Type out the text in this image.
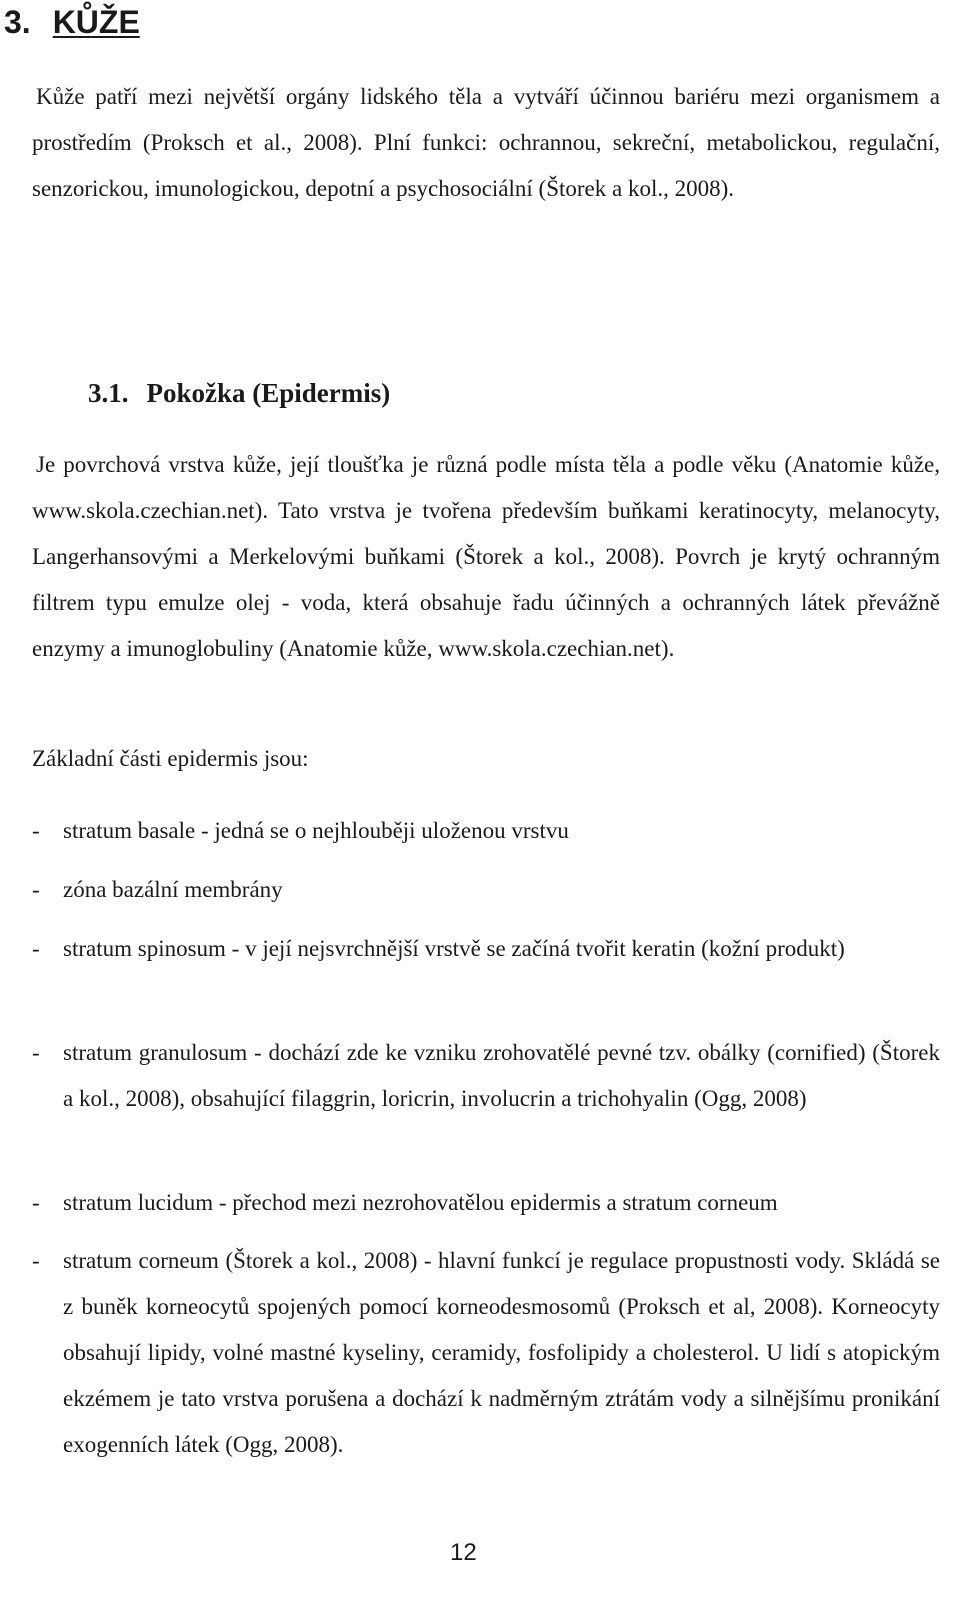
3. KŮŽE

Kůže patří mezi největší orgány lidského těla a vytváří účinnou bariéru mezi organismem a prostředím (Proksch et al., 2008). Plní funkci: ochrannou, sekreční, metabolickou, regulační, senzorickou, imunologickou, depotní a psychosociální (Štorek a kol., 2008).

3.1. Pokožka (Epidermis)

Je povrchová vrstva kůže, její tloušťka je různá podle místa těla a podle věku (Anatomie kůže, www.skola.czechian.net). Tato vrstva je tvořena především buňkami keratinocyty, melanocyty, Langerhansovými a Merkelovými buňkami (Štorek a kol., 2008). Povrch je krytý ochranným filtrem typu emulze olej - voda, která obsahuje řadu účinných a ochranných látek převážně enzymy a imunoglobuliny (Anatomie kůže, www.skola.czechian.net).

Základní části epidermis jsou:

- stratum basale - jedná se o nejhlouběji uloženou vrstvu

- zóna bazální membrány

- stratum spinosum - v její nejsvrchnější vrstvě se začíná tvořit keratin (kožní produkt)

- stratum granulosum - dochází zde ke vzniku zrohovatělé pevné tzv. obálky (cornified) (Štorek a kol., 2008), obsahující filaggrin, loricrin, involucrin a trichohyalin (Ogg, 2008)

- stratum lucidum - přechod mezi nezrohovatělou epidermis a stratum corneum

- stratum corneum (Štorek a kol., 2008) - hlavní funkcí je regulace propustnosti vody. Skládá se z buněk korneocytů spojených pomocí korneodesmosomů (Proksch et al, 2008). Korneocyty obsahují lipidy, volné mastné kyseliny, ceramidy, fosfolipidy a cholesterol. U lidí s atopickým ekzémem je tato vrstva porušena a dochází k nadměrným ztrátám vody a silnějšímu pronikání exogenních látek (Ogg, 2008).

12
